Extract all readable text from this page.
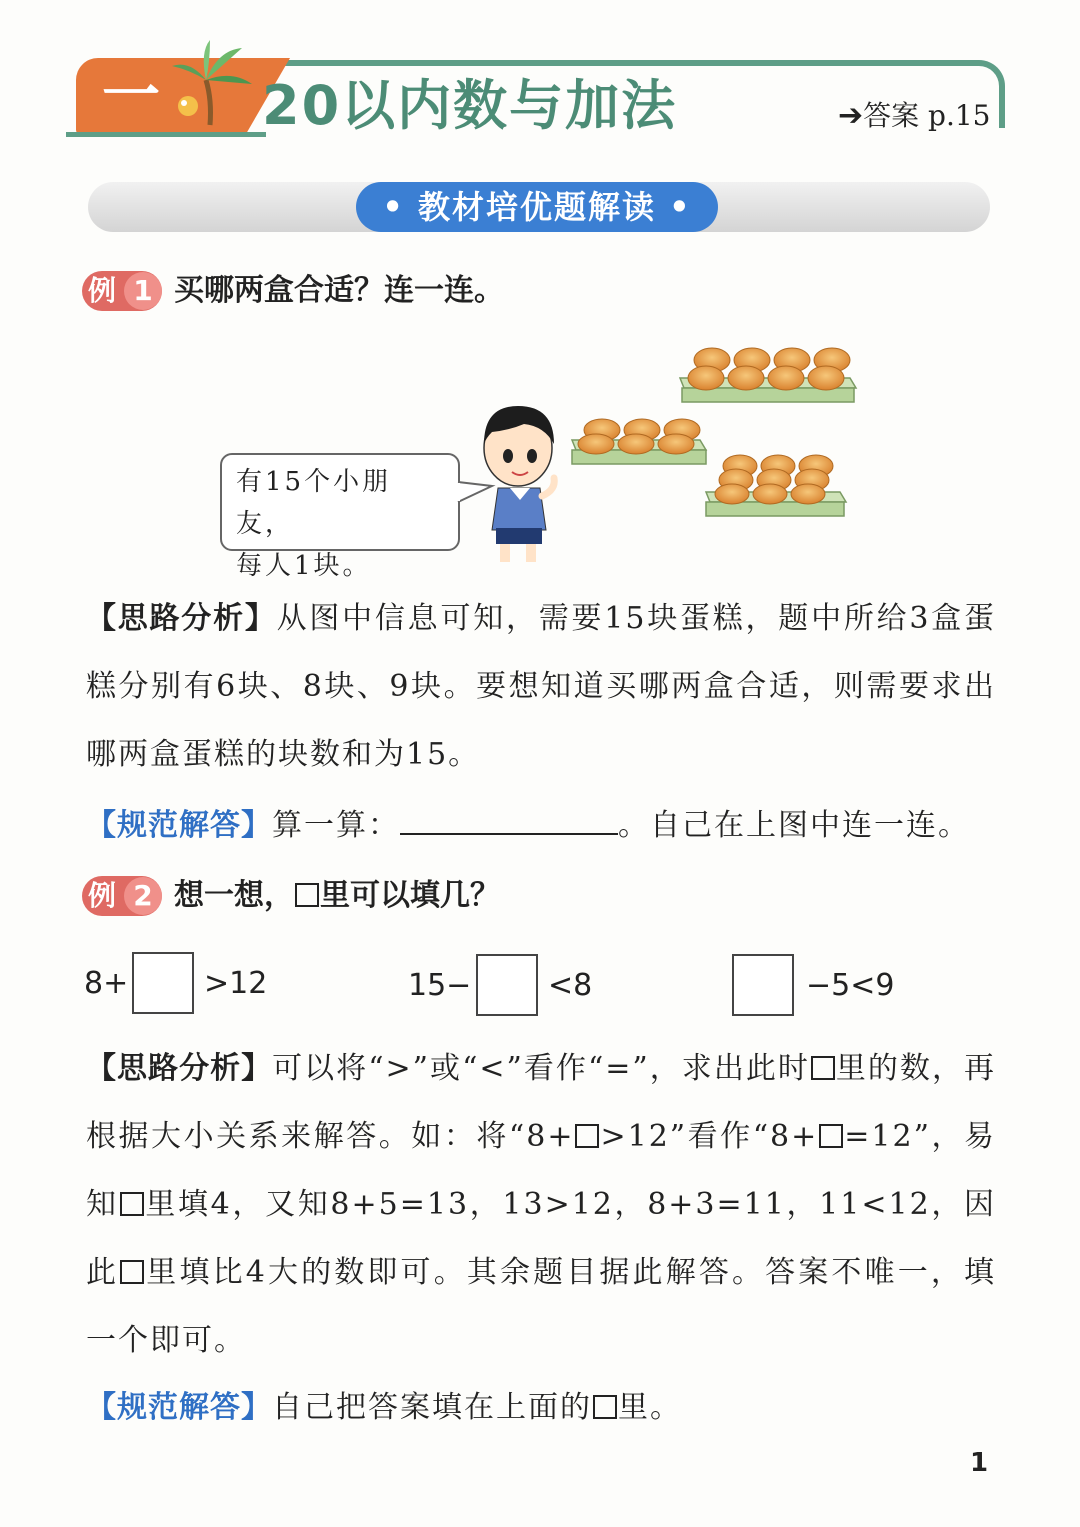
一 20以内数与加法	➔答案 p.15
• 教材培优题解读 •
例 1 买哪两盒合适？连一连。
有15个小朋友，
每人1块。
【思路分析】从图中信息可知，需要15块蛋糕，题中所给3盒蛋糕分别有6块、8块、9块。要想知道买哪两盒合适，则需要求出哪两盒蛋糕的块数和为15。
【规范解答】算一算：	。自己在上图中连一连。
例 2 想一想， 里可以填几？
8+	>12	15−	<8	−5<9
【思路分析】可以将“>”或“<”看作“=”，求出此时 里的数，再根据大小关系来解答。如：将“8+ >12”看作“8+ =12”，易知 里填4，又知8+5=13，13>12，8+3=11，11<12，因此 里填比4大的数即可。其余题目据此解答。答案不唯一，填一个即可。
【规范解答】自己把答案填在上面的 里。
1
